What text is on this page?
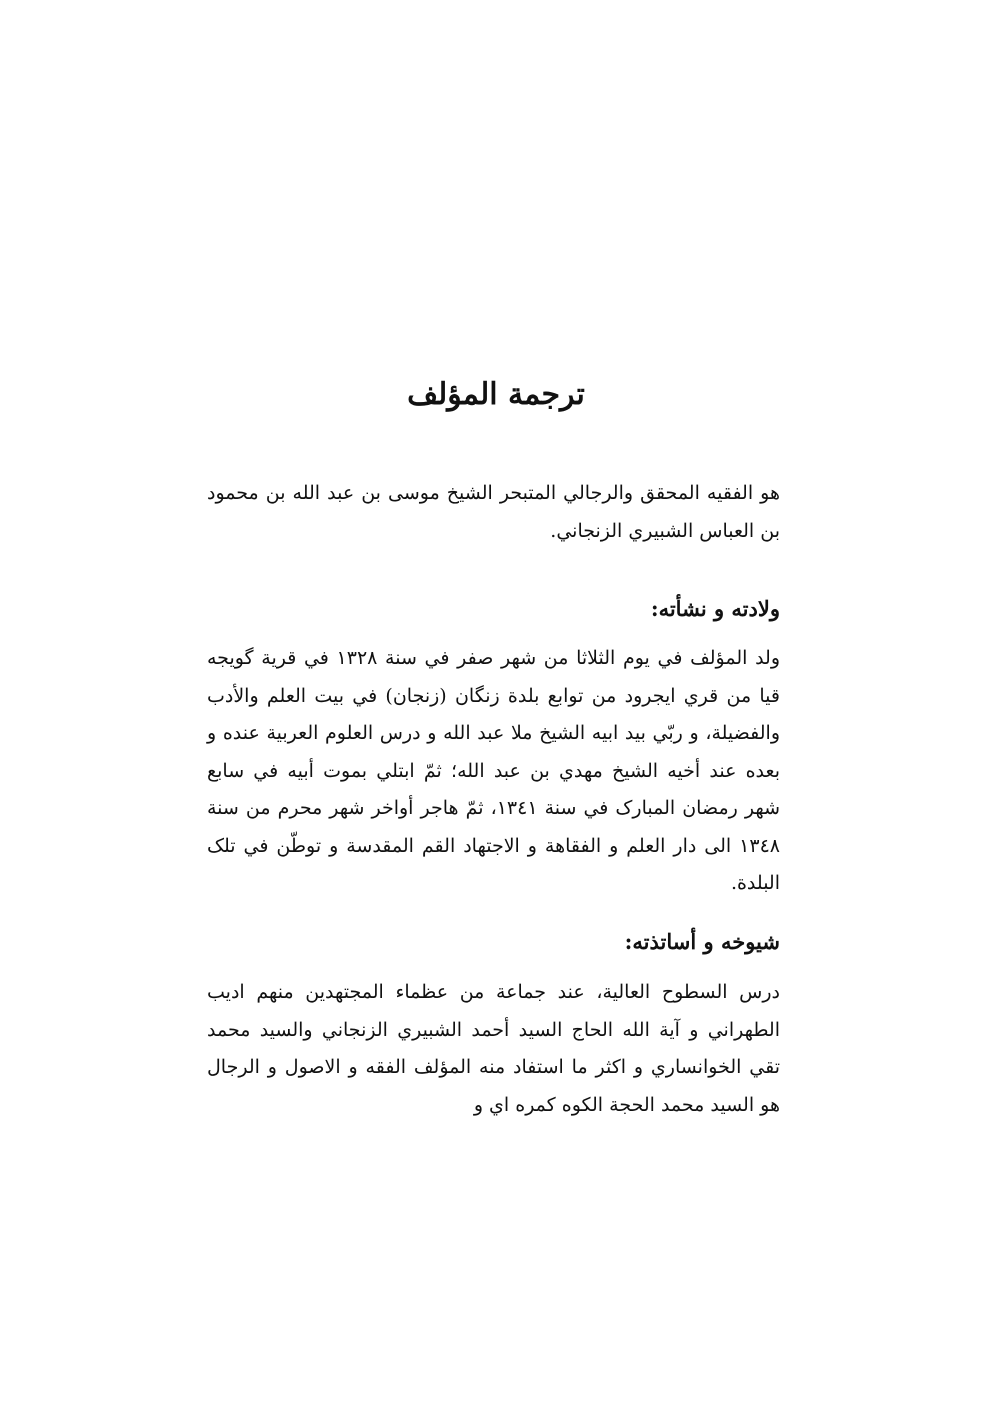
ترجمة المؤلف

هو الفقيه المحقق والرجالي المتبحر الشيخ موسى بن عبد الله بن محمود بن العباس الشبيري الزنجاني.

ولادته و نشأته:

ولد المؤلف في يوم الثلاثا من شهر صفر في سنة ١٣٢٨ في قرية گويجه قيا من قري ايجرود من توابع بلدة زنگان (زنجان) في بيت العلم والأدب والفضيلة، و ربّي بيد ابيه الشيخ ملا عبد الله و درس العلوم العربية عنده و بعده عند أخيه الشيخ مهدي بن عبد الله؛ ثمّ ابتلي بموت أبيه في سابع شهر رمضان المبارک في سنة ١٣٤١، ثمّ هاجر أواخر شهر محرم من سنة ١٣٤٨ الى دار العلم و الفقاهة و الاجتهاد القم المقدسة و توطّن في تلک البلدة.

شيوخه و أساتذته:

درس السطوح العالية، عند جماعة من عظماء المجتهدين منهم اديب الطهراني و آية الله الحاج السيد أحمد الشبيري الزنجاني والسيد محمد تقي الخوانساري و اكثر ما استفاد منه المؤلف الفقه و الاصول و الرجال هو السيد محمد الحجة الكوه كمره اي و
